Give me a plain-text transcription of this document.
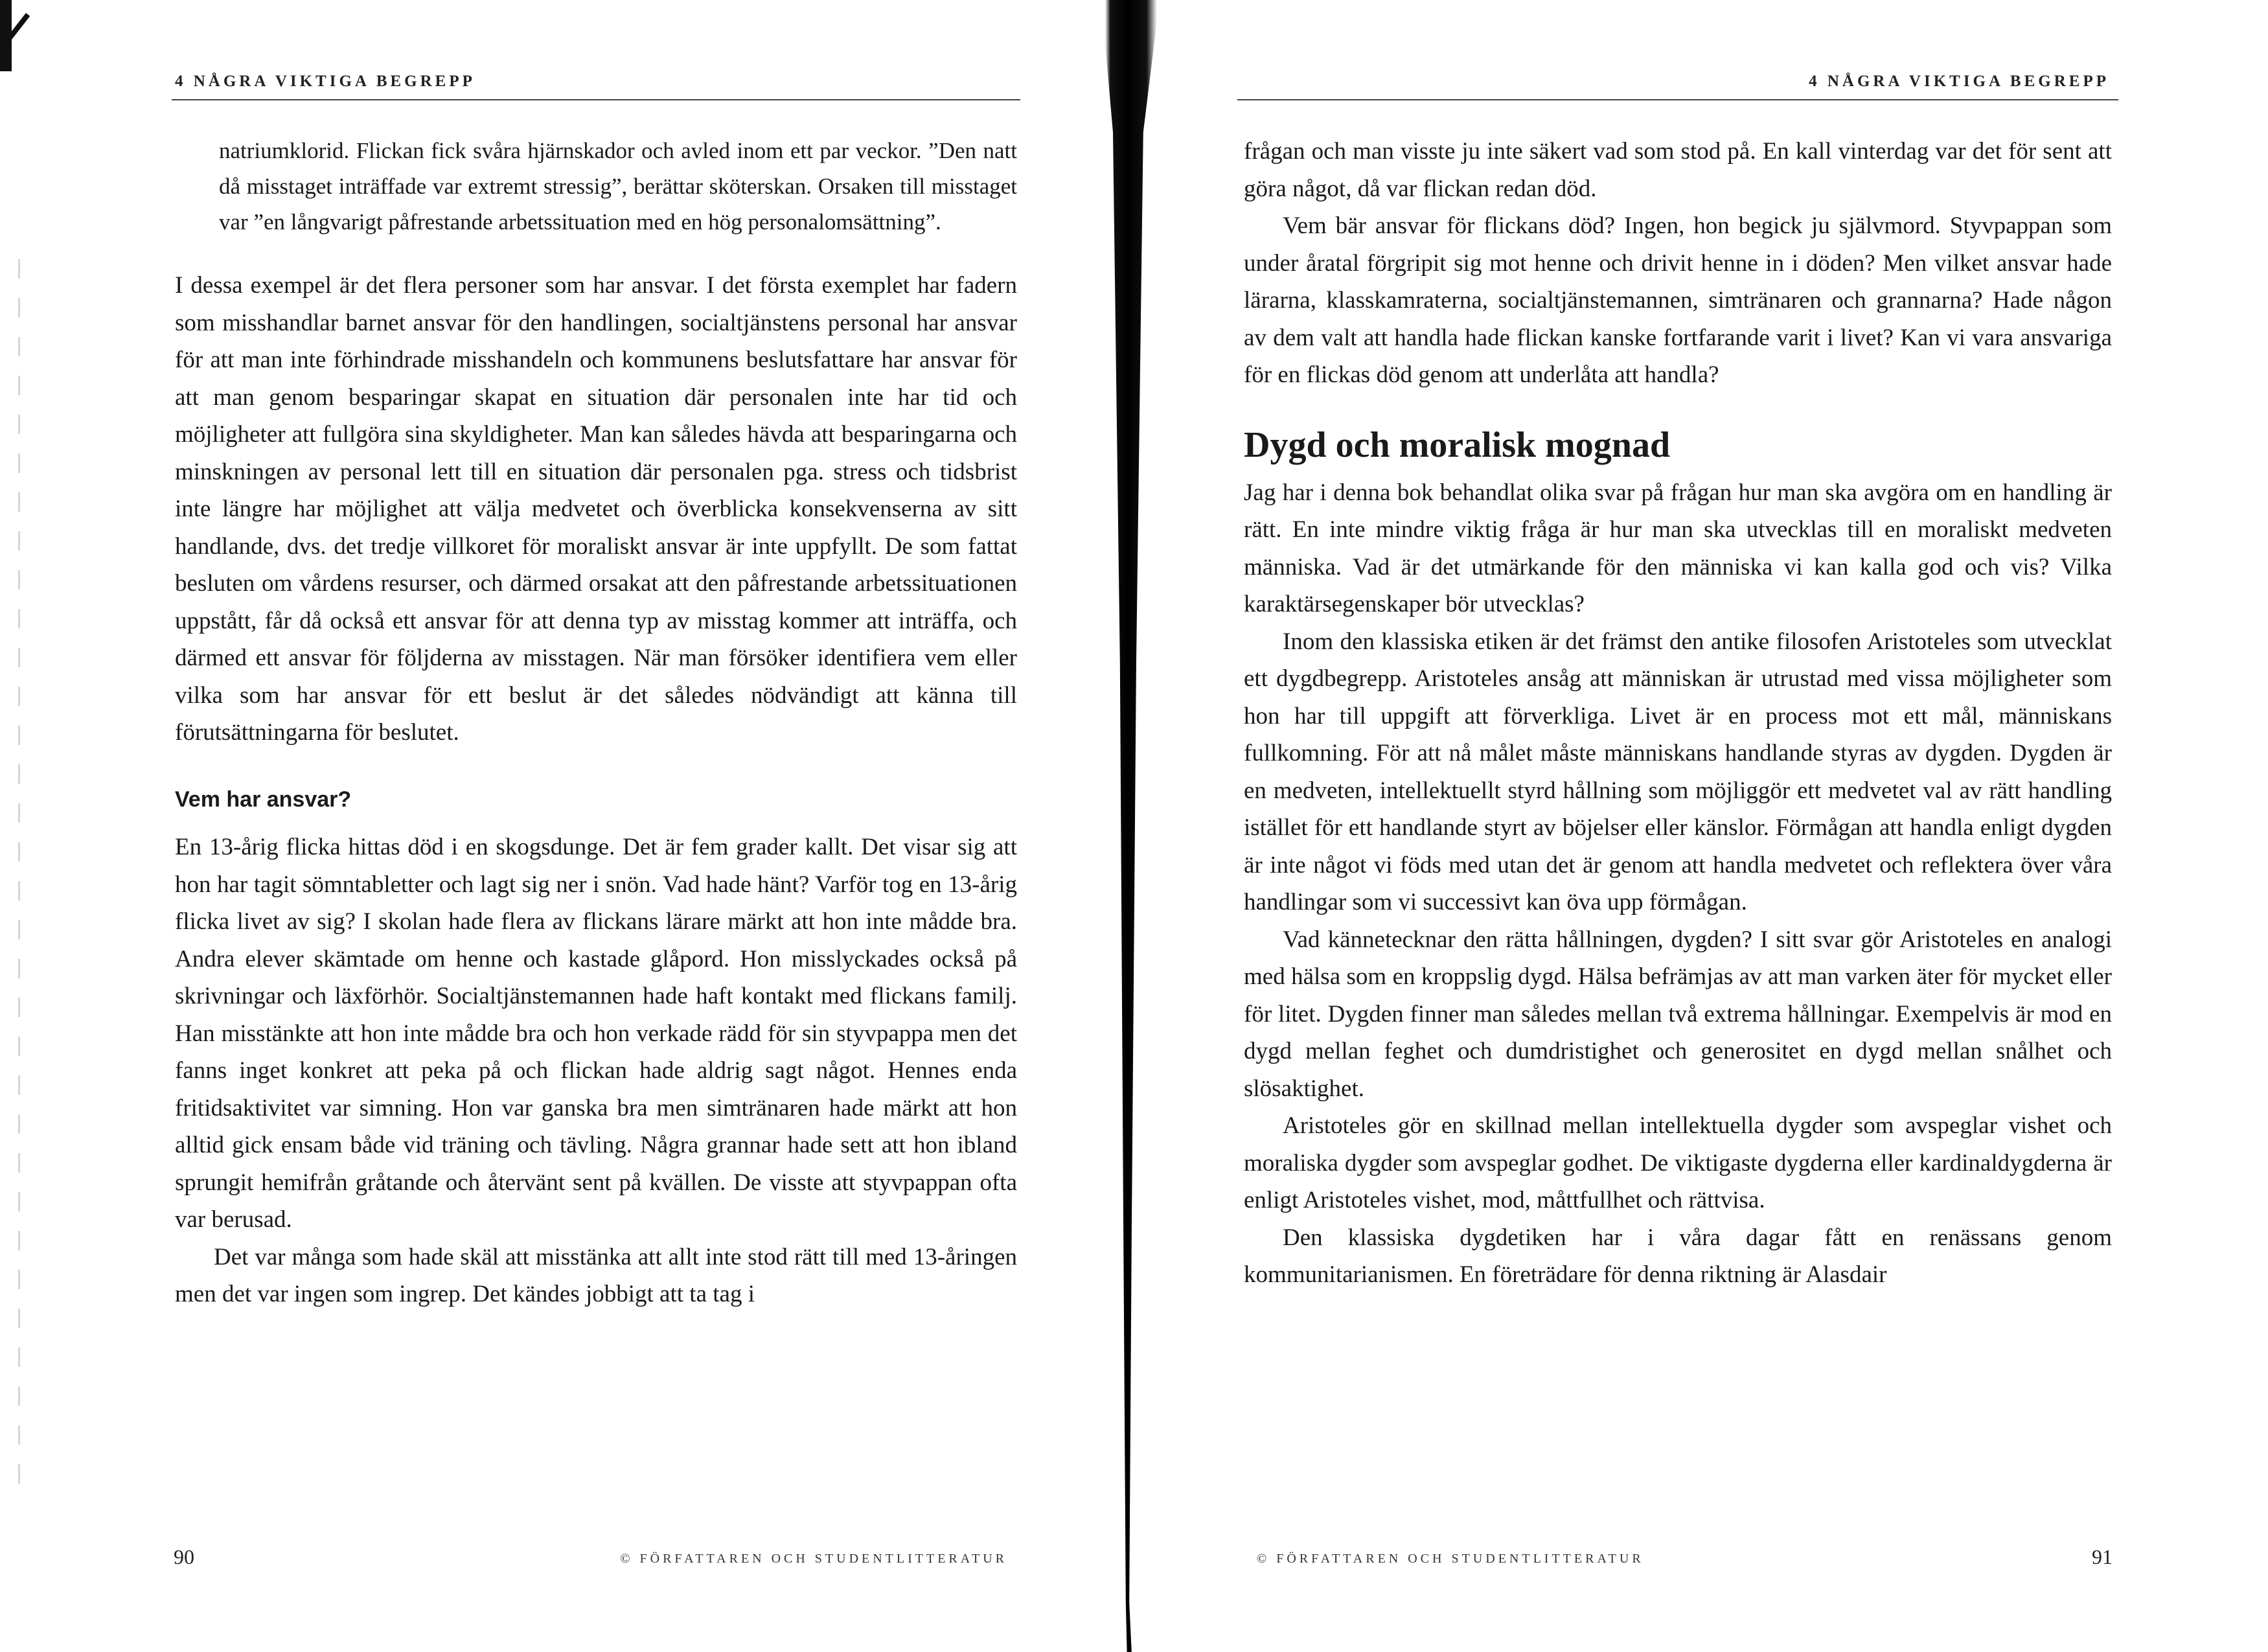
4 NÅGRA VIKTIGA BEGREPP

natriumklorid. Flickan fick svåra hjärnskador och avled inom ett par veckor. ”Den natt då misstaget inträffade var extremt stressig”, berättar sköterskan. Orsaken till misstaget var ”en långvarigt påfrestande arbetssituation med en hög personalomsättning”.

I dessa exempel är det flera personer som har ansvar. I det första exemplet har fadern som misshandlar barnet ansvar för den handlingen, socialtjänstens personal har ansvar för att man inte förhindrade misshandeln och kommunens beslutsfattare har ansvar för att man genom besparingar skapat en situation där personalen inte har tid och möjligheter att fullgöra sina skyldigheter. Man kan således hävda att besparingarna och minskningen av personal lett till en situation där personalen pga. stress och tidsbrist inte längre har möjlighet att välja medvetet och överblicka konsekvenserna av sitt handlande, dvs. det tredje villkoret för moraliskt ansvar är inte uppfyllt. De som fattat besluten om vårdens resurser, och därmed orsakat att den påfrestande arbetssituationen uppstått, får då också ett ansvar för att denna typ av misstag kommer att inträffa, och därmed ett ansvar för följderna av misstagen. När man försöker identifiera vem eller vilka som har ansvar för ett beslut är det således nödvändigt att känna till förutsättningarna för beslutet.

Vem har ansvar?

En 13-årig flicka hittas död i en skogsdunge. Det är fem grader kallt. Det visar sig att hon har tagit sömntabletter och lagt sig ner i snön. Vad hade hänt? Varför tog en 13-årig flicka livet av sig? I skolan hade flera av flickans lärare märkt att hon inte mådde bra. Andra elever skämtade om henne och kastade glåpord. Hon misslyckades också på skrivningar och läxförhör. Socialtjänstemannen hade haft kontakt med flickans familj. Han misstänkte att hon inte mådde bra och hon verkade rädd för sin styvpappa men det fanns inget konkret att peka på och flickan hade aldrig sagt något. Hennes enda fritidsaktivitet var simning. Hon var ganska bra men simtränaren hade märkt att hon alltid gick ensam både vid träning och tävling. Några grannar hade sett att hon ibland sprungit hemifrån gråtande och återvänt sent på kvällen. De visste att styvpappan ofta var berusad.

Det var många som hade skäl att misstänka att allt inte stod rätt till med 13-åringen men det var ingen som ingrep. Det kändes jobbigt att ta tag i

90	© FÖRFATTAREN OCH STUDENTLITTERATUR
4 NÅGRA VIKTIGA BEGREPP

frågan och man visste ju inte säkert vad som stod på. En kall vinterdag var det för sent att göra något, då var flickan redan död.

Vem bär ansvar för flickans död? Ingen, hon begick ju självmord. Styvpappan som under åratal förgripit sig mot henne och drivit henne in i döden? Men vilket ansvar hade lärarna, klasskamraterna, socialtjänstemannen, simtränaren och grannarna? Hade någon av dem valt att handla hade flickan kanske fortfarande varit i livet? Kan vi vara ansvariga för en flickas död genom att underlåta att handla?

Dygd och moralisk mognad

Jag har i denna bok behandlat olika svar på frågan hur man ska avgöra om en handling är rätt. En inte mindre viktig fråga är hur man ska utvecklas till en moraliskt medveten människa. Vad är det utmärkande för den människa vi kan kalla god och vis? Vilka karaktärsegenskaper bör utvecklas?

Inom den klassiska etiken är det främst den antike filosofen Aristoteles som utvecklat ett dygdbegrepp. Aristoteles ansåg att människan är utrustad med vissa möjligheter som hon har till uppgift att förverkliga. Livet är en process mot ett mål, människans fullkomning. För att nå målet måste människans handlande styras av dygden. Dygden är en medveten, intellektuellt styrd hållning som möjliggör ett medvetet val av rätt handling istället för ett handlande styrt av böjelser eller känslor. Förmågan att handla enligt dygden är inte något vi föds med utan det är genom att handla medvetet och reflektera över våra handlingar som vi successivt kan öva upp förmågan.

Vad kännetecknar den rätta hållningen, dygden? I sitt svar gör Aristoteles en analogi med hälsa som en kroppslig dygd. Hälsa befrämjas av att man varken äter för mycket eller för litet. Dygden finner man således mellan två extrema hållningar. Exempelvis är mod en dygd mellan feghet och dumdristighet och generositet en dygd mellan snålhet och slösaktighet.

Aristoteles gör en skillnad mellan intellektuella dygder som avspeglar vishet och moraliska dygder som avspeglar godhet. De viktigaste dygderna eller kardinaldygderna är enligt Aristoteles vishet, mod, måttfullhet och rättvisa.

Den klassiska dygdetiken har i våra dagar fått en renässans genom kommunitarianismen. En företrädare för denna riktning är Alasdair

91
© FÖRFATTAREN OCH STUDENTLITTERATUR
